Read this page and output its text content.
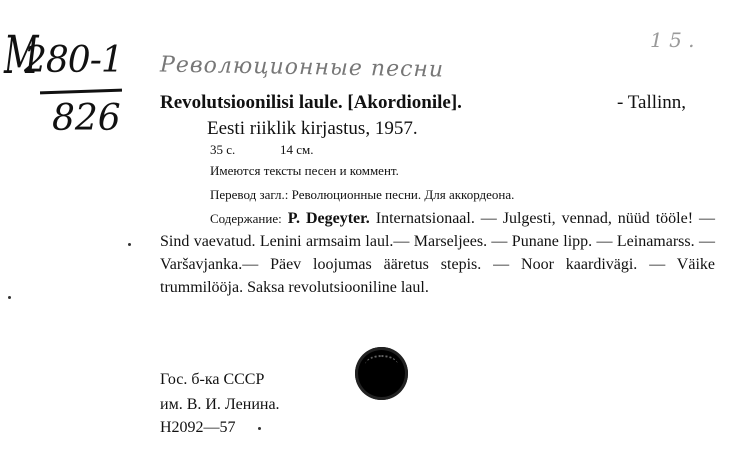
M
280-1
826
Революционные песни
1 5 .
Revolutsioonilisi laule. [Akordionile].	- Tallinn,
Eesti riiklik kirjastus, 1957.
35 с.	14 см.
Имеются тексты песен и коммент.
Перевод загл.: Революционные песни. Для аккордеона.
Содержание: P. Degeyter. Internatsionaal. — Julgesti, vennad, nüüd tööle! — Sind vaevatud. Lenini armsaim laul.— Marseljees. — Punane lipp. — Leinamarss. — Varšavjanka.— Päev loojumas ääretus stepis. — Noor kaardivägi. — Väike trummilööja. Saksa revolutsiooniline laul.
Гос. б-ка СССР
им. В. И. Ленина.
Н2092—57
